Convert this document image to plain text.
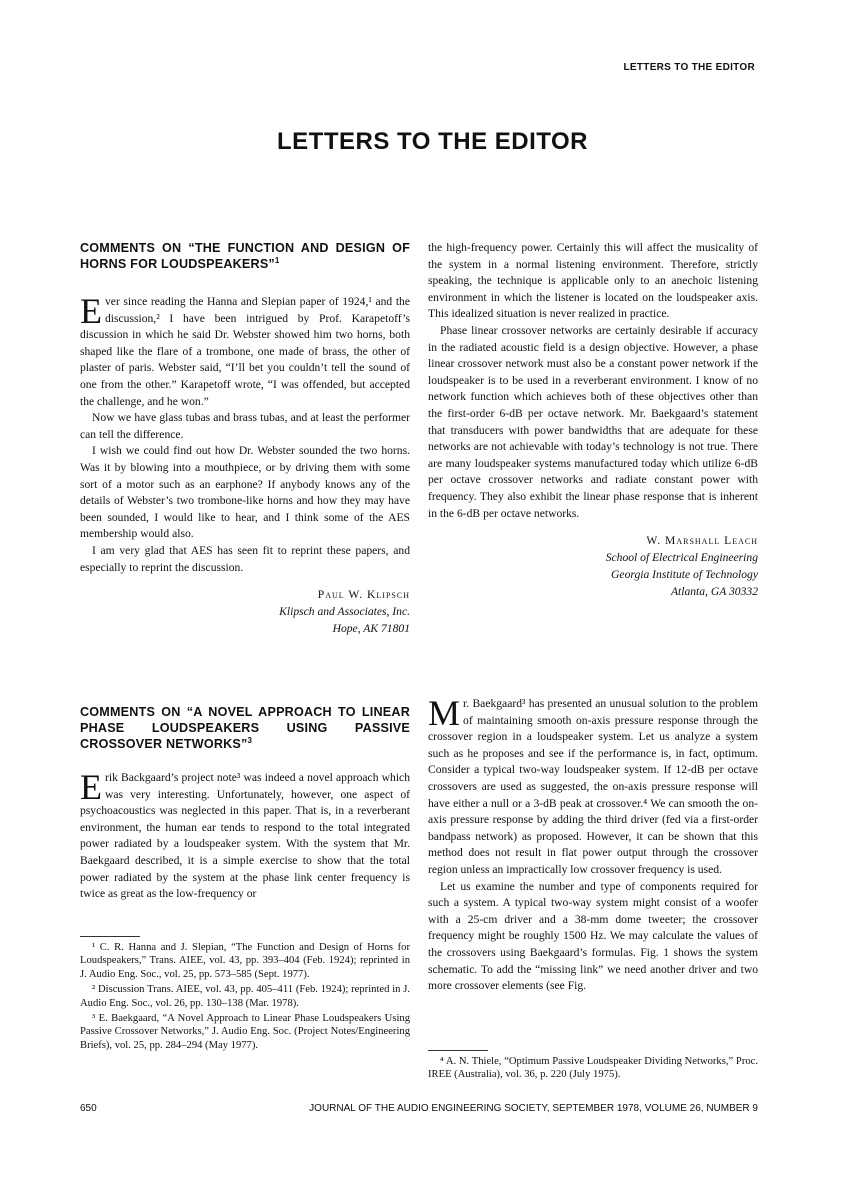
LETTERS TO THE EDITOR
LETTERS TO THE EDITOR
COMMENTS ON “THE FUNCTION AND DESIGN OF HORNS FOR LOUDSPEAKERS”$^1$

Ever since reading the Hanna and Slepian paper of 1924,¹ and the discussion,² I have been intrigued by Prof. Karapetoff’s discussion in which he said Dr. Webster showed him two horns, both shaped like the flare of a trombone, one made of brass, the other of plaster of paris. Webster said, “I’ll bet you couldn’t tell the sound of one from the other.” Karapetoff wrote, “I was offended, but accepted the challenge, and he won.”

Now we have glass tubas and brass tubas, and at least the performer can tell the difference.

I wish we could find out how Dr. Webster sounded the two horns. Was it by blowing into a mouthpiece, or by driving them with some sort of a motor such as an earphone? If anybody knows any of the details of Webster’s two trombone-like horns and how they may have been sounded, I would like to hear, and I think some of the AES membership would also.

I am very glad that AES has seen fit to reprint these papers, and especially to reprint the discussion.

Paul W. Klipsch
Klipsch and Associates, Inc.
Hope, AK 71801
COMMENTS ON “A NOVEL APPROACH TO LINEAR PHASE LOUDSPEAKERS USING PASSIVE CROSSOVER NETWORKS”$^3$

Erik Backgaard’s project note³ was indeed a novel approach which was very interesting. Unfortunately, however, one aspect of psychoacoustics was neglected in this paper. That is, in a reverberant environment, the human ear tends to respond to the total integrated power radiated by a loudspeaker system. With the system that Mr. Baekgaard described, it is a simple exercise to show that the total power radiated by the system at the phase link center frequency is twice as great as the low-frequency or

¹ C. R. Hanna and J. Slepian, “The Function and Design of Horns for Loudspeakers,” Trans. AIEE, vol. 43, pp. 393–404 (Feb. 1924); reprinted in J. Audio Eng. Soc., vol. 25, pp. 573–585 (Sept. 1977).

² Discussion Trans. AIEE, vol. 43, pp. 405–411 (Feb. 1924); reprinted in J. Audio Eng. Soc., vol. 26, pp. 130–138 (Mar. 1978).

³ E. Baekgaard, “A Novel Approach to Linear Phase Loudspeakers Using Passive Crossover Networks,” J. Audio Eng. Soc. (Project Notes/Engineering Briefs), vol. 25, pp. 284–294 (May 1977).

the high-frequency power. Certainly this will affect the musicality of the system in a normal listening environment. Therefore, strictly speaking, the technique is applicable only to an anechoic listening environment in which the listener is located on the loudspeaker axis. This idealized situation is never realized in practice.

Phase linear crossover networks are certainly desirable if accuracy in the radiated acoustic field is a design objective. However, a phase linear crossover network must also be a constant power network if the loudspeaker is to be used in a reverberant environment. I know of no network function which achieves both of these objectives other than the first-order 6-dB per octave network. Mr. Baekgaard’s statement that transducers with power bandwidths that are adequate for these networks are not achievable with today’s technology is not true. There are many loudspeaker systems manufactured today which utilize 6-dB per octave crossover networks and radiate constant power with frequency. They also exhibit the linear phase response that is inherent in the 6-dB per octave networks.

W. Marshall Leach
School of Electrical Engineering
Georgia Institute of Technology
Atlanta, GA 30332

Mr. Baekgaard³ has presented an unusual solution to the problem of maintaining smooth on-axis pressure response through the crossover region in a loudspeaker system. Let us analyze a system such as he proposes and see if the performance is, in fact, optimum. Consider a typical two-way loudspeaker system. If 12-dB per octave crossovers are used as suggested, the on-axis pressure response will have either a null or a 3-dB peak at crossover.⁴ We can smooth the on-axis pressure response by adding the third driver (fed via a first-order bandpass network) as proposed. However, it can be shown that this method does not result in flat power output through the crossover region unless an impractically low crossover frequency is used.

Let us examine the number and type of components required for such a system. A typical two-way system might consist of a woofer with a 25-cm driver and a 38-mm dome tweeter; the crossover frequency might be roughly 1500 Hz. We may calculate the values of the crossovers using Baekgaard’s formulas. Fig. 1 shows the system schematic. To add the “missing link” we need another driver and two more crossover elements (see Fig.

⁴ A. N. Thiele, “Optimum Passive Loudspeaker Dividing Networks,” Proc. IREE (Australia), vol. 36, p. 220 (July 1975).

650	JOURNAL OF THE AUDIO ENGINEERING SOCIETY, SEPTEMBER 1978, VOLUME 26, NUMBER 9
